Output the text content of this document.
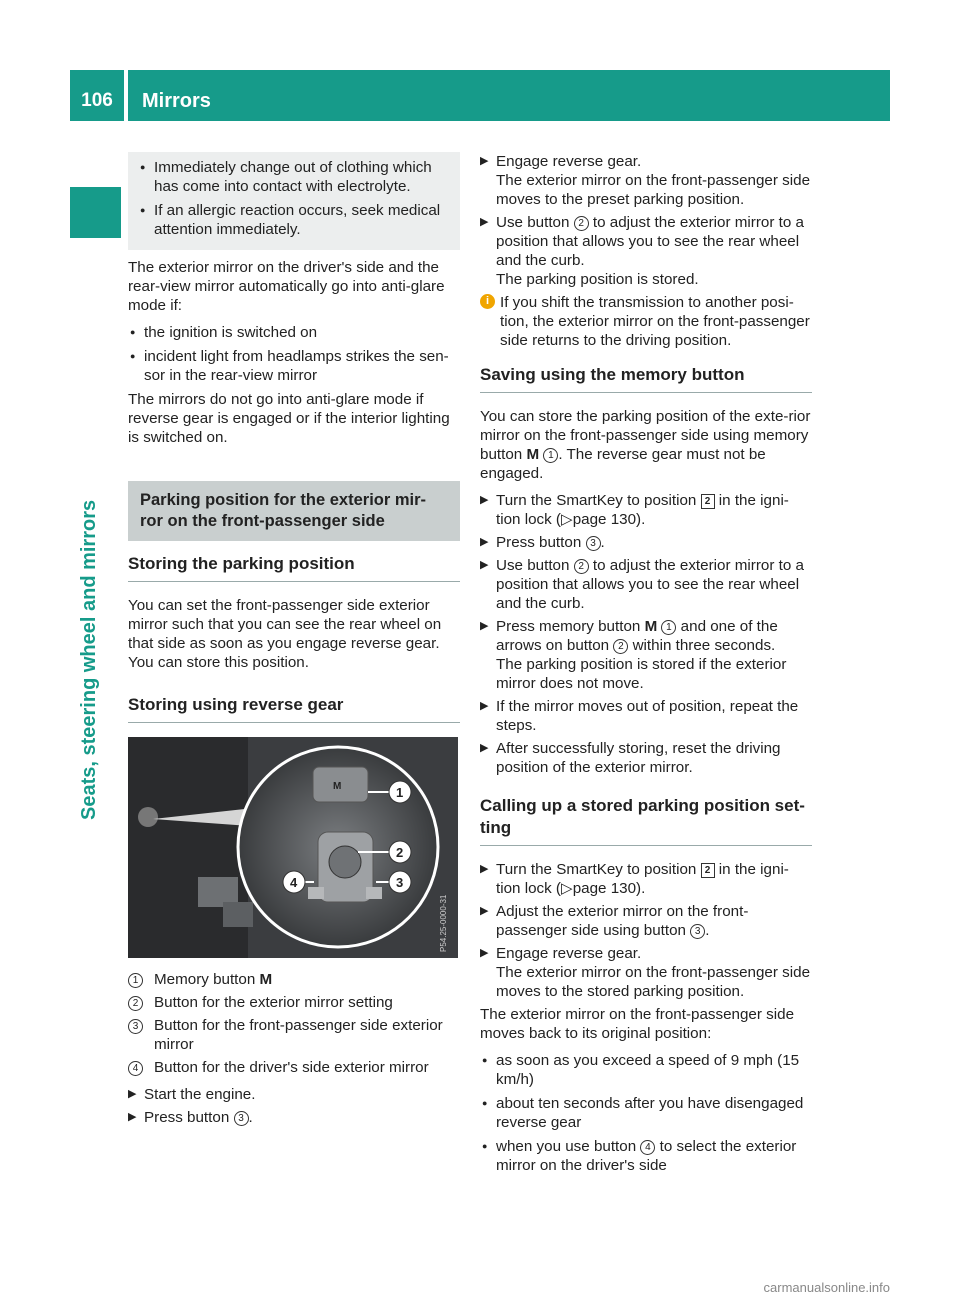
106	Mirrors
Seats, steering wheel and mirrors
● Immediately change out of clothing which has come into contact with electrolyte.
● If an allergic reaction occurs, seek medical attention immediately.

The exterior mirror on the driver's side and the rear-view mirror automatically go into anti-glare mode if:

● the ignition is switched on
● incident light from headlamps strikes the sen-sor in the rear-view mirror

The mirrors do not go into anti-glare mode if reverse gear is engaged or if the interior lighting is switched on.

Parking position for the exterior mir-ror on the front-passenger side
Storing the parking position

You can set the front-passenger side exterior mirror such that you can see the rear wheel on that side as soon as you engage reverse gear. You can store this position.

Storing using reverse gear
M	1
2
3
4
P54.25-0000-31
1	Memory button M
2	Button for the exterior mirror setting
3	Button for the front-passenger side exterior mirror
4	Button for the driver's side exterior mirror
▶ Start the engine.
▶ Press button 3 .
▶ Engage reverse gear.
The exterior mirror on the front-passenger side moves to the preset parking position.
▶ Use button 2 to adjust the exterior mirror to a position that allows you to see the rear wheel and the curb.
The parking position is stored.
i If you shift the transmission to another posi-tion, the exterior mirror on the front-passenger side returns to the driving position.
Saving using the memory button

You can store the parking position of the exte-rior mirror on the front-passenger side using memory button M 1 . The reverse gear must not be engaged.

▶ Turn the SmartKey to position 2 in the igni-tion lock (▷page 130).
▶ Press button 3 .
▶ Use button 2 to adjust the exterior mirror to a position that allows you to see the rear wheel and the curb.
▶ Press memory button M 1 and one of the arrows on button 2 within three seconds.
The parking position is stored if the exterior mirror does not move.
▶ If the mirror moves out of position, repeat the steps.
▶ After successfully storing, reset the driving position of the exterior mirror.
Calling up a stored parking position set-ting
▶ Turn the SmartKey to position 2 in the igni-tion lock (▷page 130).
▶ Adjust the exterior mirror on the front-passenger side using button 3 .
▶ Engage reverse gear.
The exterior mirror on the front-passenger side moves to the stored parking position.

The exterior mirror on the front-passenger side moves back to its original position:

● as soon as you exceed a speed of 9 mph (15 km/h)
● about ten seconds after you have disengaged reverse gear
● when you use button 4 to select the exterior mirror on the driver's side
carmanualsonline.info
